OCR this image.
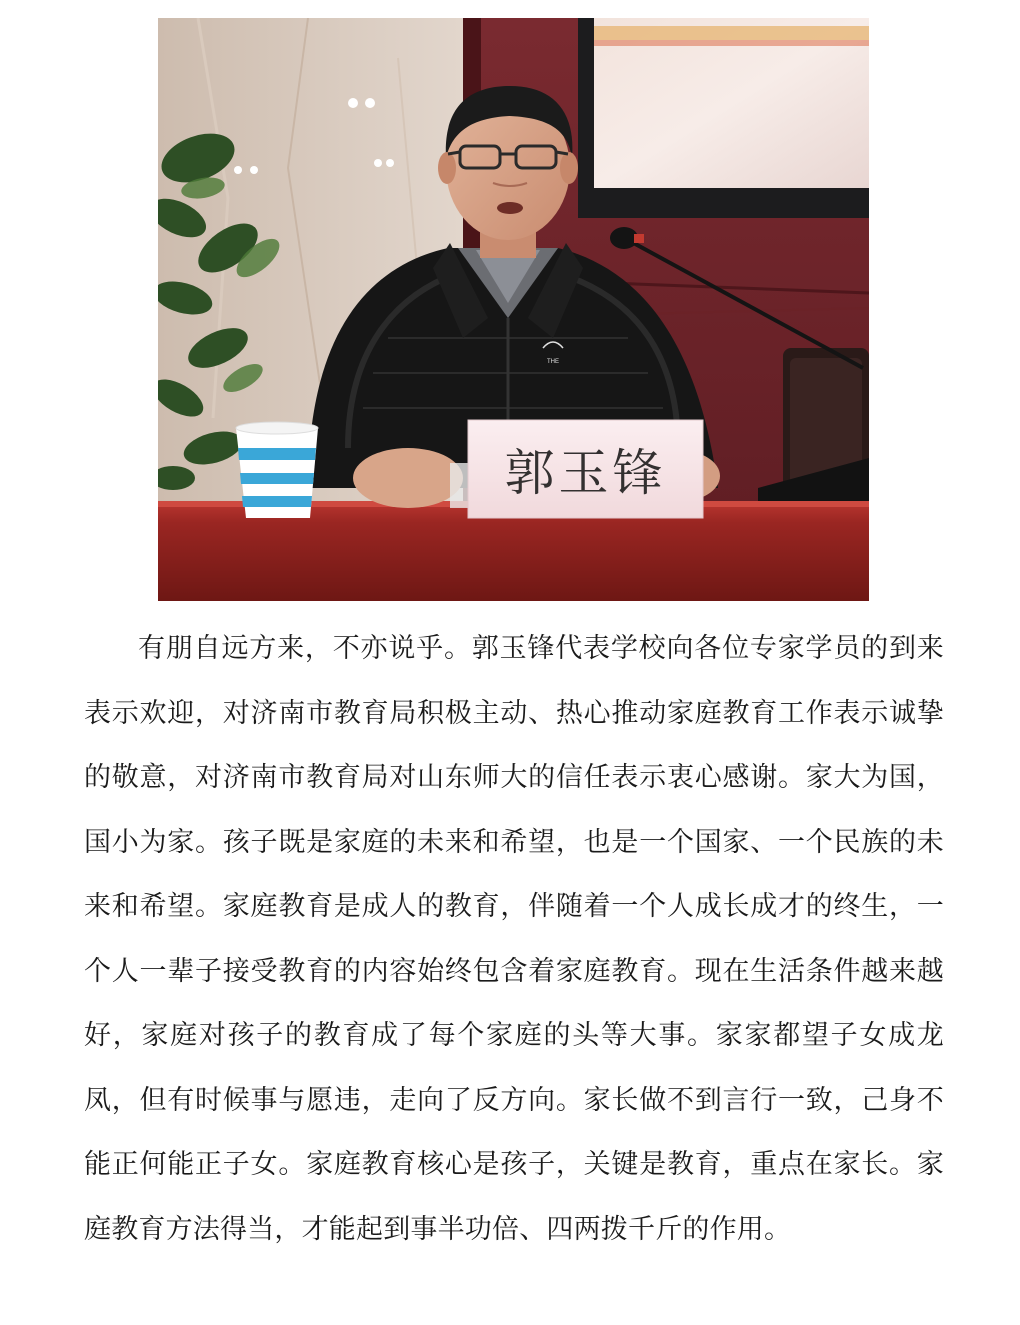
THE
郭玉锋

有朋自远方来，不亦说乎。郭玉锋代表学校向各位专家学员的到来表示欢迎，对济南市教育局积极主动、热心推动家庭教育工作表示诚挚的敬意，对济南市教育局对山东师大的信任表示衷心感谢。家大为国，国小为家。孩子既是家庭的未来和希望，也是一个国家、一个民族的未来和希望。家庭教育是成人的教育，伴随着一个人成长成才的终生，一个人一辈子接受教育的内容始终包含着家庭教育。现在生活条件越来越好，家庭对孩子的教育成了每个家庭的头等大事。家家都望子女成龙凤，但有时候事与愿违，走向了反方向。家长做不到言行一致，己身不能正何能正子女。家庭教育核心是孩子，关键是教育，重点在家长。家庭教育方法得当，才能起到事半功倍、四两拨千斤的作用。
